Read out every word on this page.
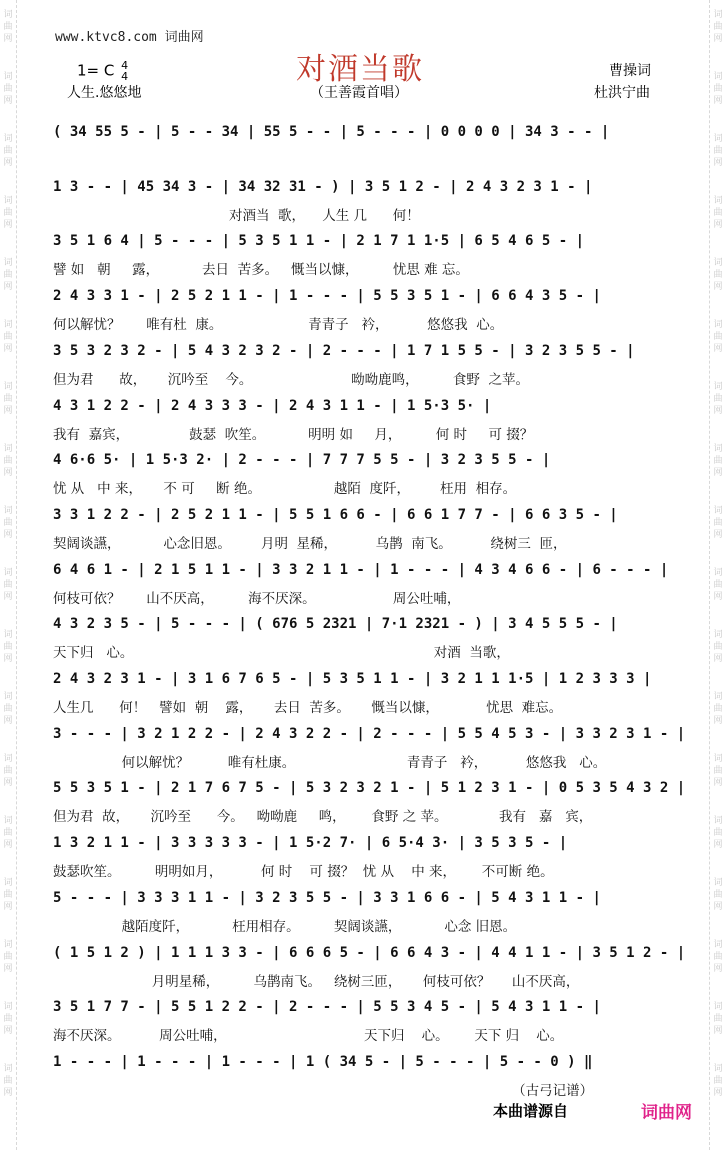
词
曲
网
词
曲
网
词
曲
网
词
曲
网
词
曲
网
词
曲
网
词
曲
网
词
曲
网
词
曲
网
词
曲
网
词
曲
网
词
曲
网
词
曲
网
词
曲
网
词
曲
网
词
曲
网
词
曲
网
词
曲
网
词
曲
网
词
曲
网
词
曲
网
词
曲
网
词
曲
网
词
曲
网
词
曲
网
词
曲
网
词
曲
网
词
曲
网
词
曲
网
词
曲
网
词
曲
网
词
曲
网
词
曲
网
词
曲
网
词
曲
网
词
曲
网
www.ktvc8.com 词曲网
对酒当歌
1= C 4
4
人生.悠悠地	（王善霞首唱）
曹操词
杜洪宁曲
( 34 55 5 - | 5 - - 34 | 55 5 - - | 5 - - - | 0 0 0 0 | 34 3 - - |
1 3 - - | 45 34 3 - | 34 32 31 - ) | 3 5 1 2 - | 2 4 3 2 3 1 - |
对酒当  歌，    人生 几      何！
3 5 1 6 4 | 5 - - - | 5 3 5 1 1 - | 2 1 7 1 1·5 | 6 5 4 6 5 - |
譬 如   朝     露，          去日  苦多。   慨当以慷，        忧思 难 忘。
2 4 3 3 1 - | 2 5 2 1 1 - | 1 - - - | 5 5 3 5 1 - | 6 6 4 3 5 - |
何以解忧？      唯有杜  康。                    青青子   衿，         悠悠我  心。
3 5 3 2 3 2 - | 5 4 3 2 3 2 - | 2 - - - | 1 7 1 5 5 - | 3 2 3 5 5 - |
但为君      故，     沉吟至    今。                       呦呦鹿鸣，        食野  之苹。
4 3 1 2 2 - | 2 4 3 3 3 - | 2 4 3 1 1 - | 1 5·3 5· |
我有  嘉宾，              鼓瑟  吹笙。          明明 如     月，        何 时     可 掇？
4 6·6 5· | 1 5·3 2· | 2 - - - | 7 7 7 5 5 - | 3 2 3 5 5 - |
忧 从   中 来，     不 可     断 绝。                 越陌  度阡，       枉用  相存。
3 3 1 2 2 - | 2 5 2 1 1 - | 5 5 1 6 6 - | 6 6 1 7 7 - | 6 6 3 5 - |
契阔谈讌，          心念旧恩。       月明  星稀，         乌鹊  南飞。         绕树三  匝，
6 4 6 1 - | 2 1 5 1 1 - | 3 3 2 1 1 - | 1 - - - | 4 3 4 6 6 - | 6 - - - |
何枝可依？      山不厌高，        海不厌深。                  周公吐哺，
4 3 2 3 5 - | 5 - - - | ( 676 5 2321 | 7·1 2321 - ) | 3 4 5 5 5 - |
天下归   心。                                                                      对酒  当歌，
2 4 3 2 3 1 - | 3 1 6 7 6 5 - | 5 3 5 1 1 - | 3 2 1 1 1·5 | 1 2 3 3 3 |
人生几      何！   譬如  朝    露，     去日  苦多。     慨当以慷，           忧思  难忘。
3 - - - | 3 2 1 2 2 - | 2 4 3 2 2 - | 2 - - - | 5 5 4 5 3 - | 3 3 2 3 1 - |
何以解忧？         唯有杜康。                          青青子   衿，         悠悠我   心。
5 5 3 5 1 - | 2 1 7 6 7 5 - | 5 3 2 3 2 1 - | 5 1 2 3 1 - | 0 5 3 5 4 3 2 |
但为君  故，     沉吟至      今。   呦呦鹿     鸣，      食野 之 苹。            我有   嘉   宾，
1 3 2 1 1 - | 3 3 3 3 3 - | 1 5·2 7· | 6 5·4 3· | 3 5 3 5 - |
鼓瑟吹笙。        明明如月，         何 时    可 掇？  忧 从    中 来，      不可断 绝。
5 - - - | 3 3 3 1 1 - | 3 2 3 5 5 - | 3 3 1 6 6 - | 5 4 3 1 1 - |
越陌度阡，          枉用相存。        契阔谈讌，          心念 旧恩。
( 1 5 1 2 ) | 1 1 1 3 3 - | 6 6 6 5 - | 6 6 4 3 - | 4 4 1 1 - | 3 5 1 2 - |
月明星稀，        乌鹊南飞。   绕树三匝，     何枝可依？     山不厌高，
3 5 1 7 7 - | 5 5 1 2 2 - | 2 - - - | 5 5 3 4 5 - | 5 4 3 1 1 - |
海不厌深。         周公吐哺，                                天下归    心。      天下 归    心。
1 - - - | 1 - - - | 1 - - - | 1 ( 34 5 - | 5 - - - | 5 - - 0 ) ‖
（古弓记谱）
本曲谱源自	词曲网
